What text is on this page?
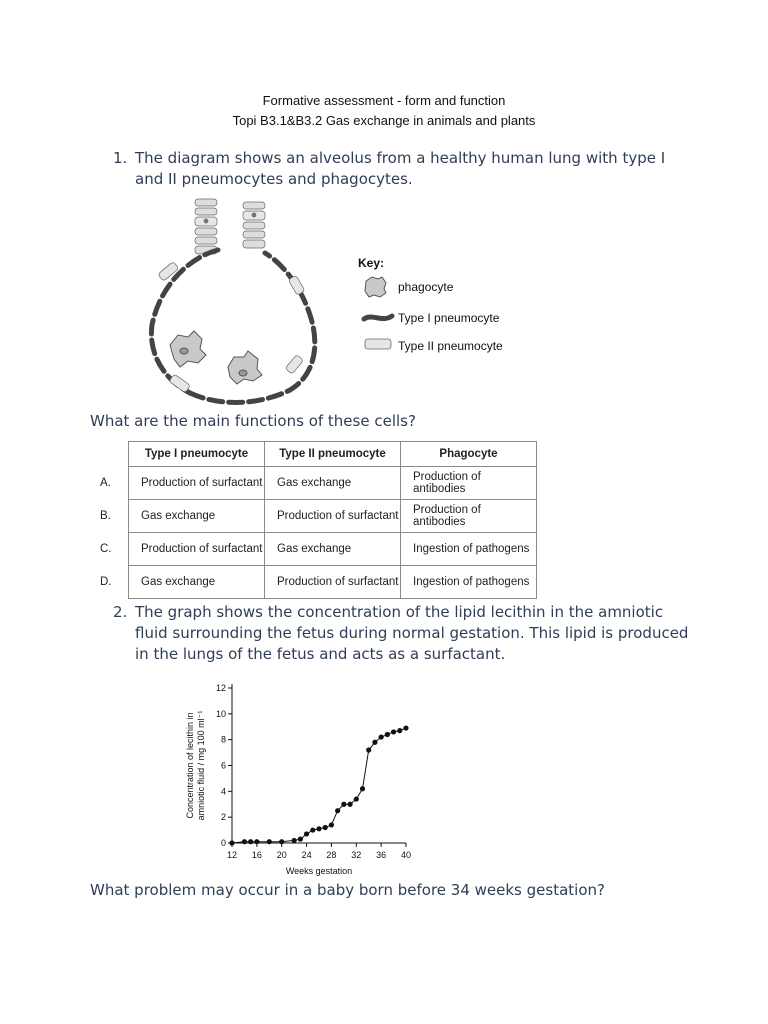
Formative assessment - form and function
Topi B3.1&B3.2 Gas exchange in animals and plants
1. The diagram shows an alveolus from a healthy human lung with type I and II pneumocytes and phagocytes.
Key:
phagocyte
Type I pneumocyte
Type II pneumocyte
What are the main functions of these cells?
	Type I pneumocyte	Type II pneumocyte	Phagocyte
A.	Production of surfactant	Gas exchange	Production of antibodies
B.	Gas exchange	Production of surfactant	Production of antibodies
C.	Production of surfactant	Gas exchange	Ingestion of pathogens
D.	Gas exchange	Production of surfactant	Ingestion of pathogens
2. The graph shows the concentration of the lipid lecithin in the amniotic fluid surrounding the fetus during normal gestation. This lipid is produced in the lungs of the fetus and acts as a surfactant.
0
2
4
6
8
10
12
12 16 20 24 28 32 36 40
Concentration of lecithin in amniotic fluid / mg 100 ml⁻¹
Weeks gestation
What problem may occur in a baby born before 34 weeks gestation?
